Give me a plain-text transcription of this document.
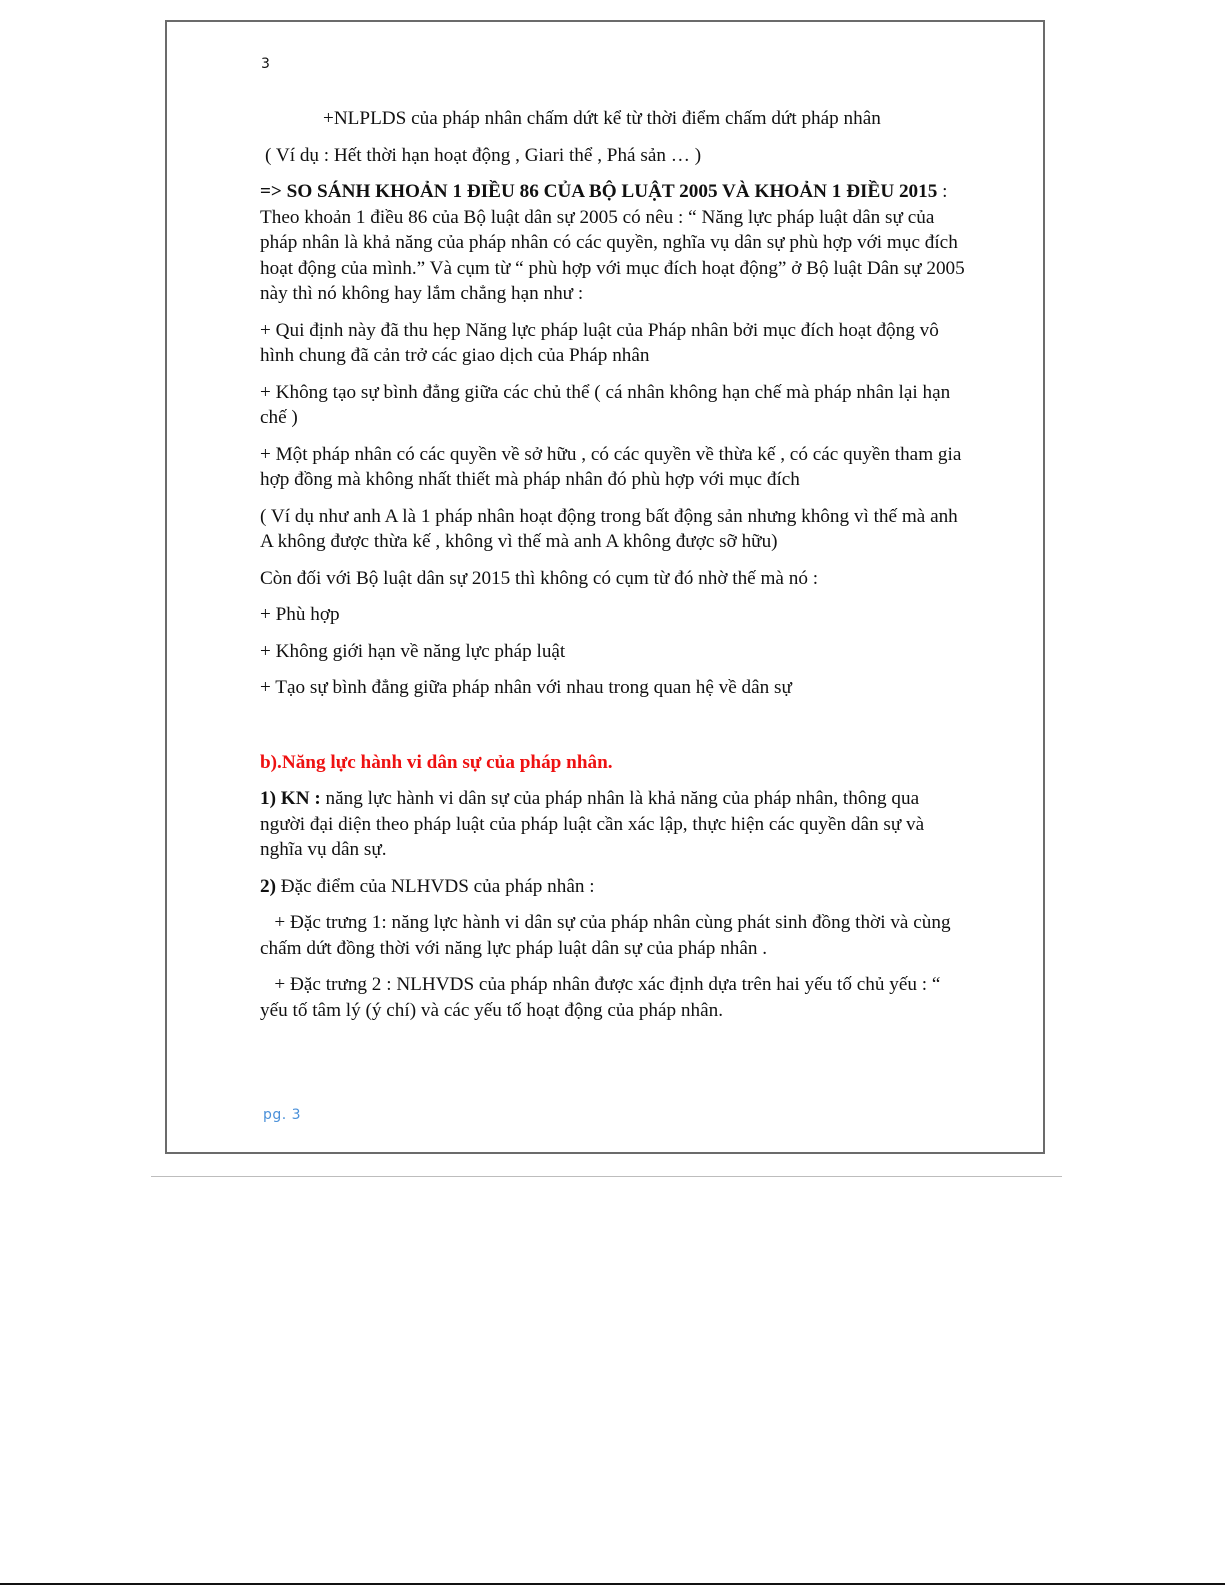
3

+NLPLDS của pháp nhân chấm dứt kể từ thời điểm chấm dứt pháp nhân

( Ví dụ : Hết thời hạn hoạt động , Giari thể , Phá sản … )

=> SO SÁNH KHOẢN 1 ĐIỀU 86 CỦA BỘ LUẬT 2005 VÀ KHOẢN 1 ĐIỀU 2015 : Theo khoản 1 điều 86 của Bộ luật dân sự 2005 có nêu : “ Năng lực pháp luật dân sự của pháp nhân là khả năng của pháp nhân có các quyền, nghĩa vụ dân sự phù hợp với mục đích hoạt động của mình.” Và cụm từ “ phù hợp với mục đích hoạt động” ở Bộ luật Dân sự 2005 này thì nó không hay lắm chẳng hạn như :

+ Qui định này đã thu hẹp Năng lực pháp luật của Pháp nhân bởi mục đích hoạt động vô hình chung đã cản trở các giao dịch của Pháp nhân

+ Không tạo sự bình đẳng giữa các chủ thể ( cá nhân không hạn chế mà pháp nhân lại hạn chế )

+ Một pháp nhân có các quyền về sở hữu , có các quyền về thừa kế , có các quyền tham gia hợp đồng mà không nhất thiết mà pháp nhân đó phù hợp với mục đích

( Ví dụ như anh A là 1 pháp nhân hoạt động trong bất động sản nhưng không vì thế mà anh A không được thừa kế , không vì thế mà anh A không được sỡ hữu)

Còn đối với Bộ luật dân sự 2015 thì không có cụm từ đó nhờ thế mà nó :

+ Phù hợp

+ Không giới hạn về năng lực pháp luật

+ Tạo sự bình đẳng giữa pháp nhân với nhau trong quan hệ về dân sự

b).Năng lực hành vi dân sự của pháp nhân.

1) KN : năng lực hành vi dân sự của pháp nhân là khả năng của pháp nhân, thông qua người đại diện theo pháp luật của pháp luật cần xác lập, thực hiện các quyền dân sự và nghĩa vụ dân sự.

2) Đặc điểm của NLHVDS của pháp nhân :

+ Đặc trưng 1: năng lực hành vi dân sự của pháp nhân cùng phát sinh đồng thời và cùng chấm dứt đồng thời với năng lực pháp luật dân sự của pháp nhân .

+ Đặc trưng 2 : NLHVDS của pháp nhân được xác định dựa trên hai yếu tố chủ yếu : “ yếu tố tâm lý (ý chí) và các yếu tố hoạt động của pháp nhân.

pg. 3
